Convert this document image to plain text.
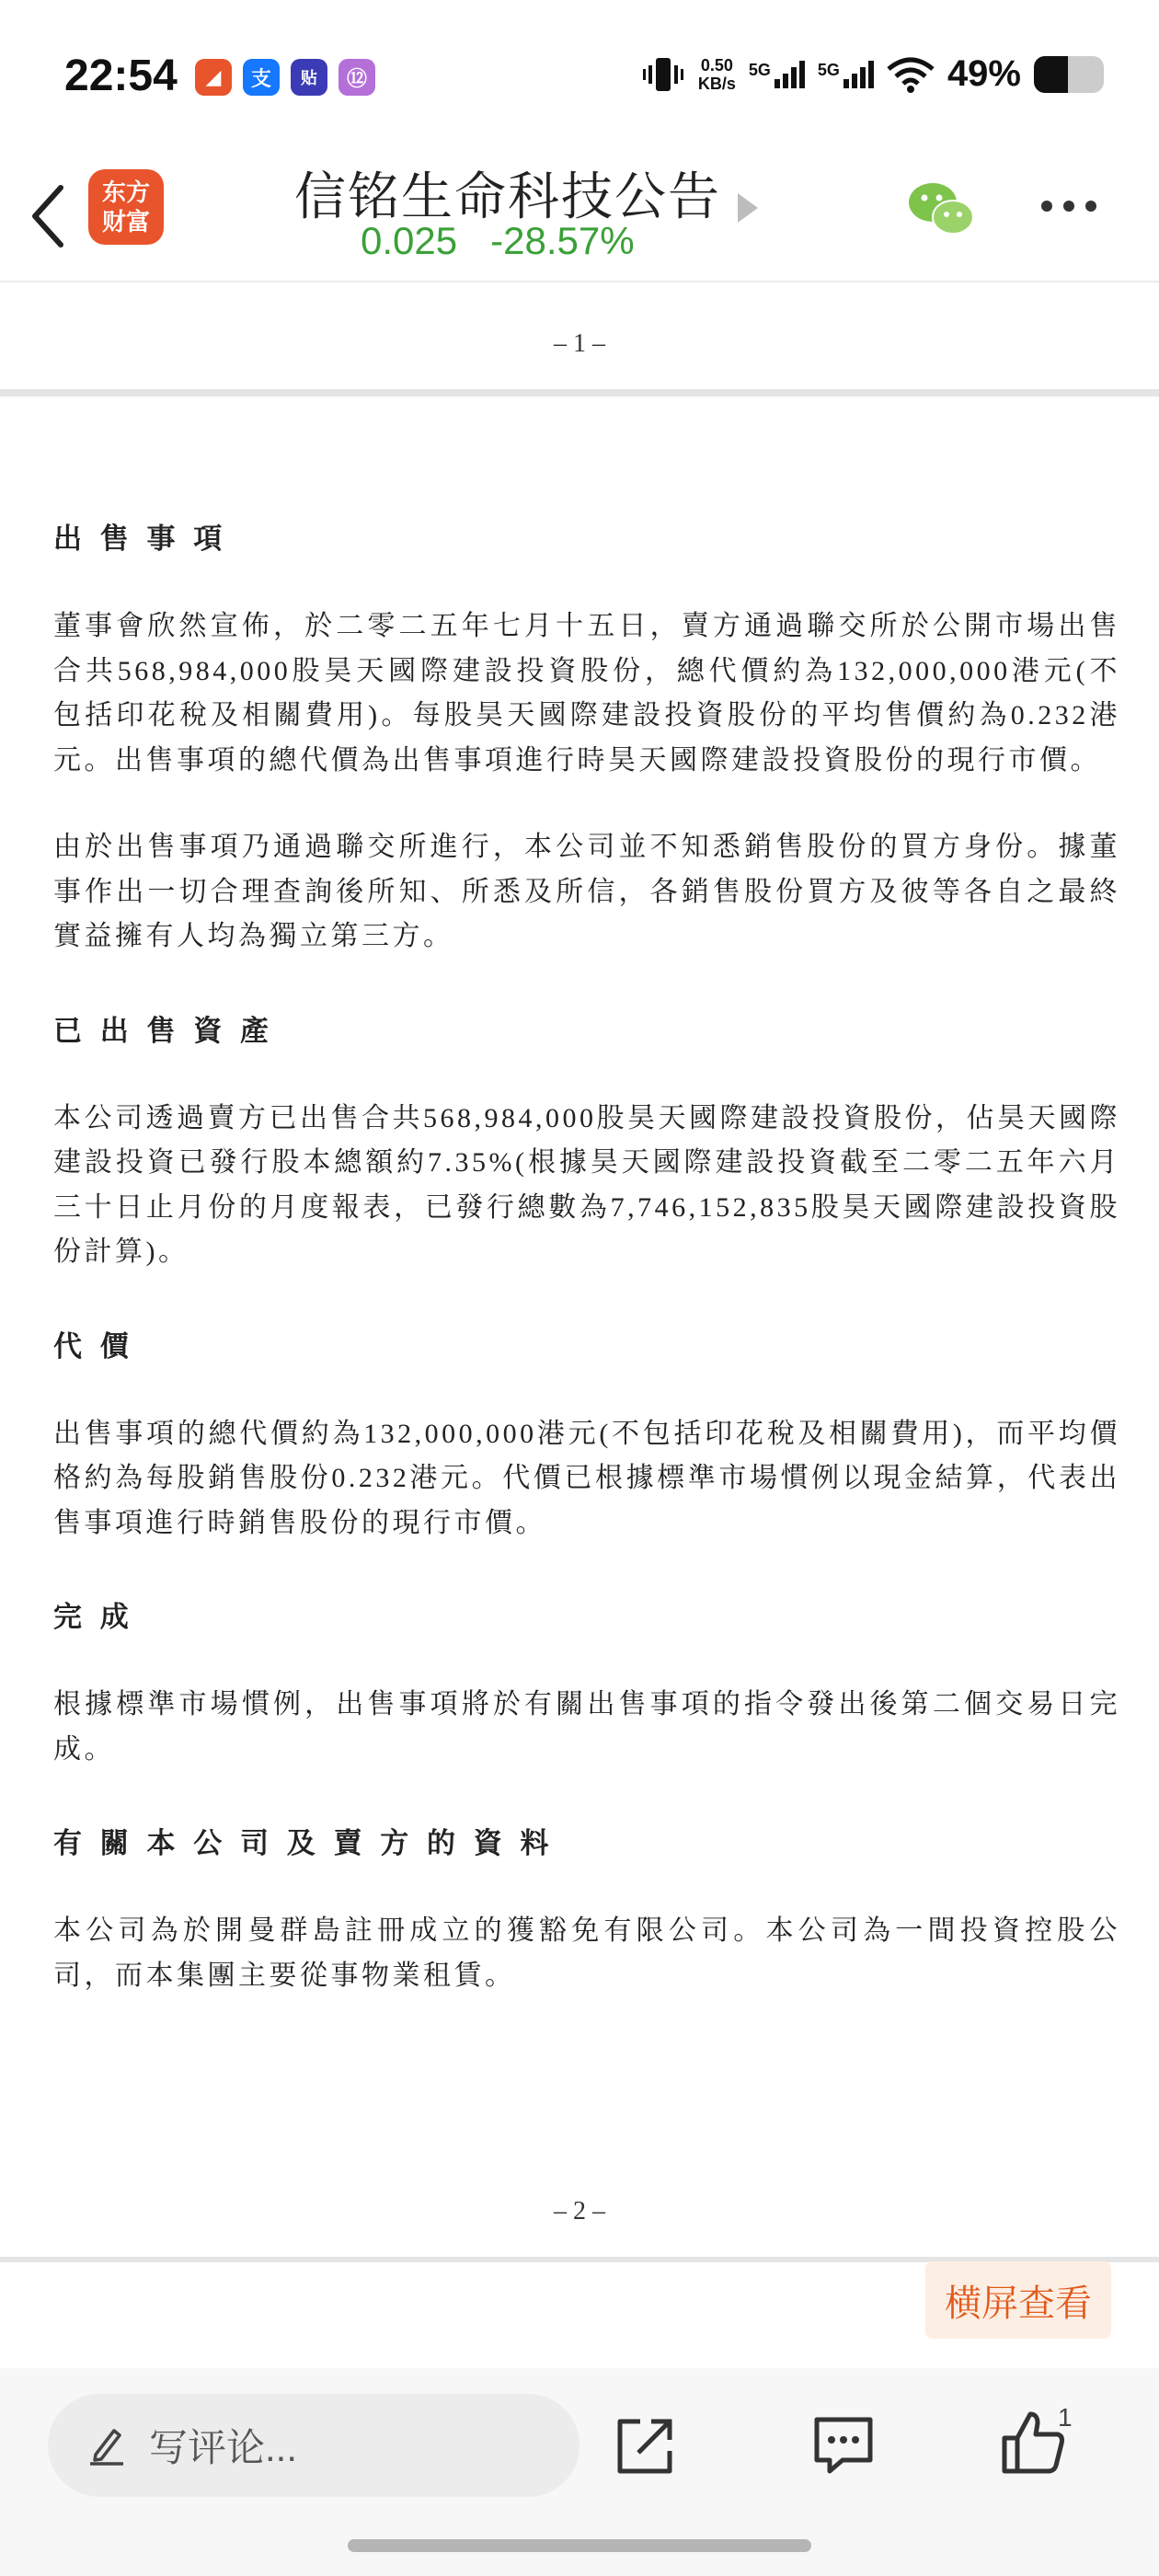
22:54	◢	支	贴	⑫
0.50
KB/s
5G	5G	49%
东方
财富	信铭生命科技公告
0.025 -28.57%
– 1 –
出 售 事 項
董事會欣然宣佈，於二零二五年七月十五日，賣方通過聯交所於公開市場出售合共568,984,000股昊天國際建設投資股份，總代價約為132,000,000港元(不包括印花稅及相關費用)。每股昊天國際建設投資股份的平均售價約為0.232港元。出售事項的總代價為出售事項進行時昊天國際建設投資股份的現行市價。
由於出售事項乃通過聯交所進行，本公司並不知悉銷售股份的買方身份。據董事作出一切合理查詢後所知、所悉及所信，各銷售股份買方及彼等各自之最終實益擁有人均為獨立第三方。
已 出 售 資 產
本公司透過賣方已出售合共568,984,000股昊天國際建設投資股份，佔昊天國際建設投資已發行股本總額約7.35%(根據昊天國際建設投資截至二零二五年六月三十日止月份的月度報表，已發行總數為7,746,152,835股昊天國際建設投資股份計算)。
代 價
出售事項的總代價約為132,000,000港元(不包括印花稅及相關費用)，而平均價格約為每股銷售股份0.232港元。代價已根據標準市場慣例以現金結算，代表出售事項進行時銷售股份的現行市價。
完 成
根據標準市場慣例，出售事項將於有關出售事項的指令發出後第二個交易日完成。
有 關 本 公 司 及 賣 方 的 資 料
本公司為於開曼群島註冊成立的獲豁免有限公司。本公司為一間投資控股公司，而本集團主要從事物業租賃。
– 2 –
横屏查看
写评论...
1
